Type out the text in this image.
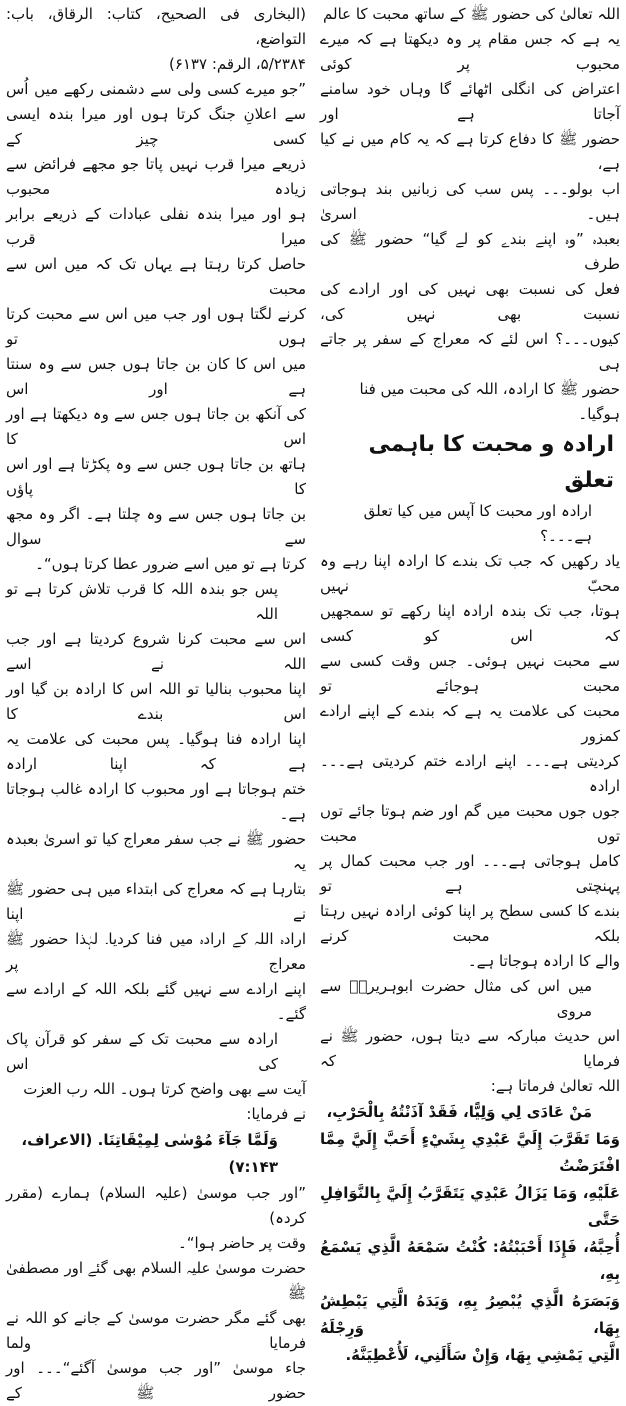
اللہ تعالیٰ کی حضور ﷺ کے ساتھ محبت کا عالم
یہ ہے کہ جس مقام پر وہ دیکھتا ہے کہ میرے محبوب پر کوئی
اعتراض کی انگلی اٹھائے گا وہاں خود سامنے آجاتا ہے اور
حضور ﷺ کا دفاع کرتا ہے کہ یہ کام میں نے کیا ہے،
اب بولو۔۔۔ پس سب کی زبانیں بند ہوجاتی ہیں۔ اسریٰ
بعبدہ ”وہ اپنے بندے کو لے گیا“ حضور ﷺ کی طرف
فعل کی نسبت بھی نہیں کی اور ارادے کی نسبت بھی نہیں کی،
کیوں۔۔۔؟ اس لئے کہ معراج کے سفر پر جاتے ہی
حضور ﷺ کا ارادہ، اللہ کی محبت میں فنا ہوگیا۔
ارادہ و محبت کا باہمی تعلق
ارادہ اور محبت کا آپس میں کیا تعلق ہے۔۔۔؟
یاد رکھیں کہ جب تک بندے کا ارادہ اپنا رہے وہ محبّ نہیں
ہوتا، جب تک بندہ ارادہ اپنا رکھے تو سمجھیں کہ اس کو کسی
سے محبت نہیں ہوئی۔ جس وقت کسی سے محبت ہوجائے تو
محبت کی علامت یہ ہے کہ بندے کے اپنے ارادے کمزور
کردیتی ہے۔۔۔ اپنے ارادے ختم کردیتی ہے۔۔۔ ارادہ
جوں جوں محبت میں گم اور ضم ہوتا جائے توں توں محبت
کامل ہوجاتی ہے۔۔۔ اور جب محبت کمال پر پہنچتی ہے تو
بندے کا کسی سطح پر اپنا کوئی ارادہ نہیں رہتا بلکہ محبت کرنے
والے کا ارادہ ہوجاتا ہے۔
میں اس کی مثال حضرت ابوہریرہؓ سے مروی
اس حدیث مبارکہ سے دیتا ہوں، حضور ﷺ نے فرمایا کہ
اللہ تعالیٰ فرماتا ہے:
مَنْ عَادَى لِي وَلِيًّا، فَقَدْ آذَنْتُهُ بِالْحَرْبِ،
وَمَا تَقَرَّبَ إِلَيَّ عَبْدِي بِشَيْءٍ أَحَبَّ إِلَيَّ مِمَّا افْتَرَضْتُ
عَلَيْهِ، وَمَا يَزَالُ عَبْدِي يَتَقَرَّبُ إِلَيَّ بِالنَّوَافِلِ حَتَّى
أُحِبَّهُ، فَإِذَا أَحْبَبْتُهُ: كُنْتُ سَمْعَهُ الَّذِي يَسْمَعُ بِهِ،
وَبَصَرَهُ الَّذِي يُبْصِرُ بِهِ، وَيَدَهُ الَّتِي يَبْطِشُ بِهَا، وَرِجْلَهُ
الَّتِي يَمْشِي بِهَا، وَإِنْ سَأَلَنِي، لَأُعْطِيَنَّهُ.
(البخاری فی الصحیح، کتاب: الرقاق، باب: التواضع،
۵/۲۳۸۴، الرقم: ۶۱۳۷)
”جو میرے کسی ولی سے دشمنی رکھے میں اُس
سے اعلانِ جنگ کرتا ہوں اور میرا بندہ ایسی کسی چیز کے
ذریعے میرا قرب نہیں پاتا جو مجھے فرائض سے زیادہ محبوب
ہو اور میرا بندہ نفلی عبادات کے ذریعے برابر میرا قرب
حاصل کرتا رہتا ہے یہاں تک کہ میں اس سے محبت
کرنے لگتا ہوں اور جب میں اس سے محبت کرتا ہوں تو
میں اس کا کان بن جاتا ہوں جس سے وہ سنتا ہے اور اس
کی آنکھ بن جاتا ہوں جس سے وہ دیکھتا ہے اور اس کا
ہاتھ بن جاتا ہوں جس سے وہ پکڑتا ہے اور اس کا پاؤں
بن جاتا ہوں جس سے وہ چلتا ہے۔ اگر وہ مجھ سے سوال
کرتا ہے تو میں اسے ضرور عطا کرتا ہوں“۔
پس جو بندہ اللہ کا قرب تلاش کرتا ہے تو اللہ
اس سے محبت کرنا شروع کردیتا ہے اور جب اللہ نے اسے
اپنا محبوب بنالیا تو اللہ اس کا ارادہ بن گیا اور اس بندے کا
اپنا ارادہ فنا ہوگیا۔ پس محبت کی علامت یہ ہے کہ اپنا ارادہ
ختم ہوجاتا ہے اور محبوب کا ارادہ غالب ہوجاتا ہے۔
حضور ﷺ نے جب سفر معراج کیا تو اسریٰ بعبدہ یہ
بتارہا ہے کہ معراج کی ابتداء میں ہی حضور ﷺ نے اپنا
ارادہ اللہ کے ارادہ میں فنا کردیا۔ لہٰذا حضور ﷺ معراج پر
اپنے ارادے سے نہیں گئے بلکہ اللہ کے ارادے سے گئے۔
ارادہ سے محبت تک کے سفر کو قرآن پاک کی اس
آیت سے بھی واضح کرتا ہوں۔ اللہ رب العزت نے فرمایا:
وَلَمَّا جَآءَ مُوْسٰى لِمِيْقَاتِنَا. (الاعراف، ۷:۱۴۳)
”اور جب موسیٰ (علیہ السلام) ہمارے (مقرر کردہ)
وقت پر حاضر ہوا“۔
حضرت موسیٰ علیہ السلام بھی گئے اور مصطفیٰ ﷺ
بھی گئے مگر حضرت موسیٰ کے جانے کو اللہ نے فرمایا ولما
جاء موسیٰ ”اور جب موسیٰ آگئے“۔۔۔ اور حضور ﷺ کے
